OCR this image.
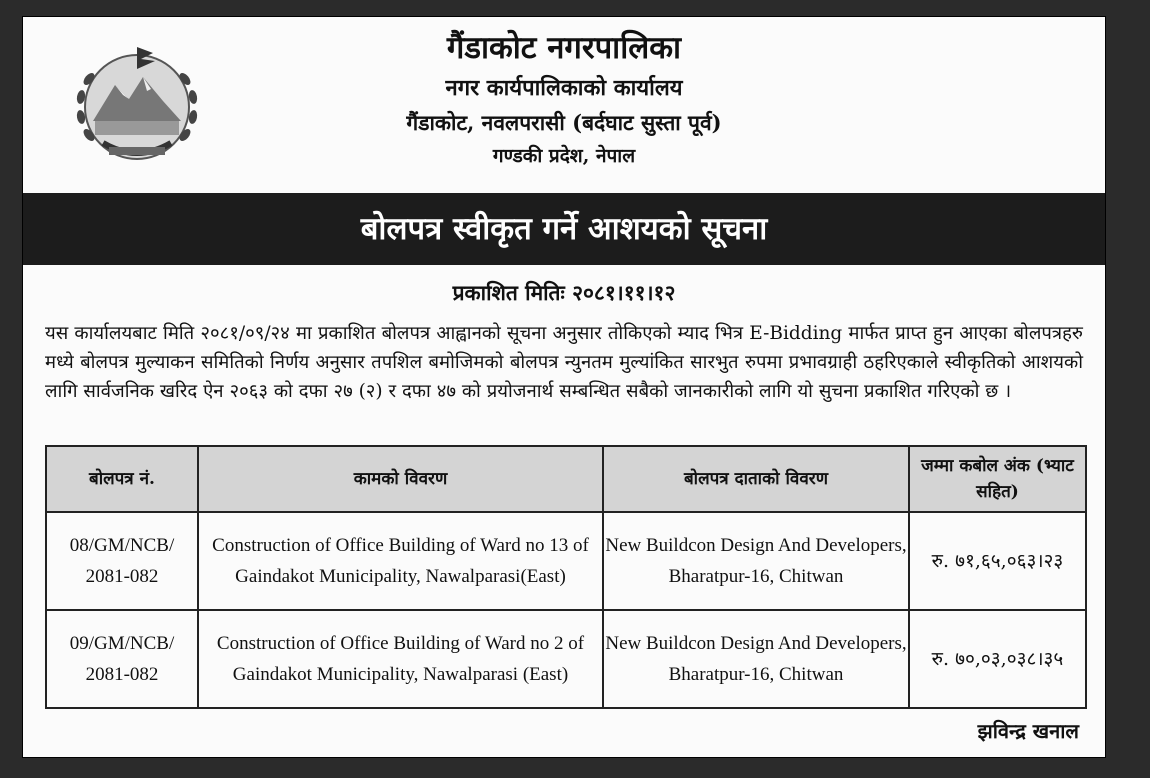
गैंडाकोट नगरपालिका
नगर कार्यपालिकाको कार्यालय
गैंडाकोट, नवलपरासी (बर्दघाट सुस्ता पूर्व)
गण्डकी प्रदेश, नेपाल
बोलपत्र स्वीकृत गर्ने आशयको सूचना
प्रकाशित मितिः २०८१।११।१२
यस कार्यालयबाट मिति २०८१/०९/२४ मा प्रकाशित बोलपत्र आह्वानको सूचना अनुसार तोकिएको म्याद भित्र E-Bidding मार्फत प्राप्त हुन आएका बोलपत्रहरु मध्ये बोलपत्र मुल्याकन समितिको निर्णय अनुसार तपशिल बमोजिमको बोलपत्र न्युनतम मुल्यांकित सारभुत रुपमा प्रभावग्राही ठहरिएकाले स्वीकृतिको आशयको लागि सार्वजनिक खरिद ऐन २०६३ को दफा २७ (२) र दफा ४७ को प्रयोजनार्थ सम्बन्धित सबैको जानकारीको लागि यो सुचना प्रकाशित गरिएको छ ।
बोलपत्र नं.	कामको विवरण	बोलपत्र दाताको विवरण	जम्मा कबोल अंक (भ्याट सहित)
08/GM/NCB/ 2081-082	Construction of Office Building of Ward no 13 of Gaindakot Municipality, Nawalparasi(East)	New Buildcon Design And Developers, Bharatpur-16, Chitwan	रु. ७१,६५,०६३।२३
09/GM/NCB/ 2081-082	Construction of Office Building of Ward no 2 of Gaindakot Municipality, Nawalparasi (East)	New Buildcon Design And Developers, Bharatpur-16, Chitwan	रु. ७०,०३,०३८।३५
झविन्द्र खनाल
